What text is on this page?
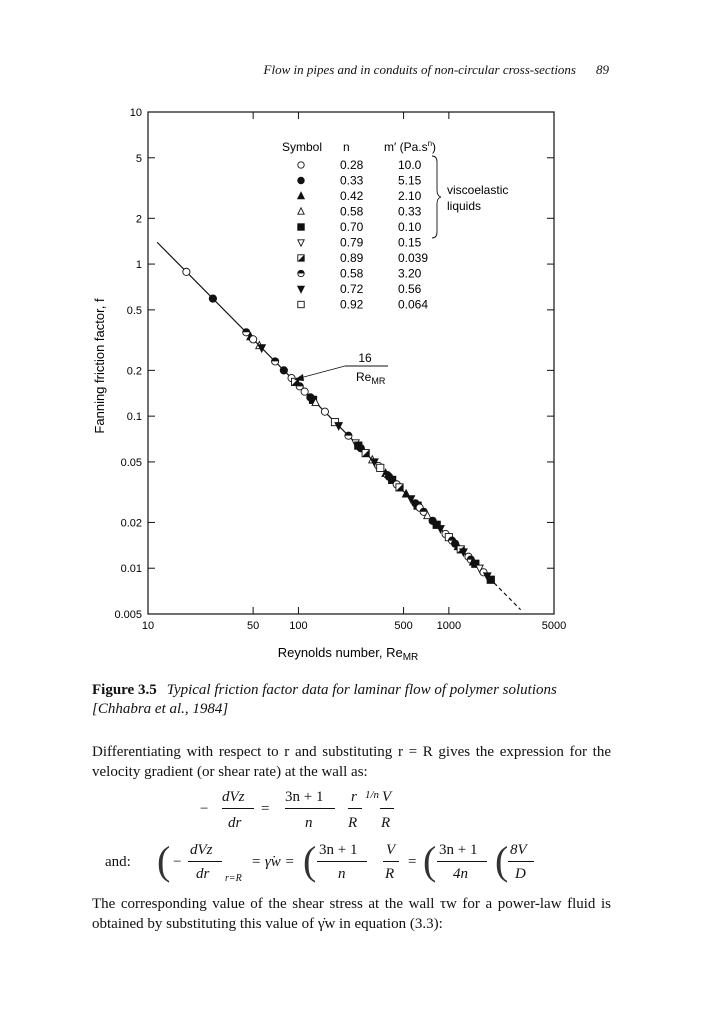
Flow in pipes and in conduits of non-circular cross-sections 89
10	50	100	500 1000	5000
10
5
2
1
0.5
0.2
0.1
0.05
0.02
0.01
0.005
Symbol n	m′ $(Pa.s^n)$
0.28	10.0
0.33	5.15
0.42	2.10
0.58	0.33
0.70	0.10
0.79	0.15
0.89	0.039
0.58	3.20
0.72	0.56
0.92	0.064
viscoelastic
liquids
16
$Re_{MR}$
Reynolds number, $Re_{MR}$
Fanning friction factor, f
Figure 3.5 Typical friction factor data for laminar flow of polymer solutions [Chhabra et al., 1984]
Differentiating with respect to r and substituting r = R gives the expression for the velocity gradient (or shear rate) at the wall as:
−
dVz
dr
=
3n + 1
n
r
R
1/n V
R
and: ( −
dVz
dr r=R
= γ̇w = ( 3n + 1
n
V
R
= ( 3n + 1
4n ( 8V
D
The corresponding value of the shear stress at the wall τw for a power-law fluid is obtained by substituting this value of γ̇w in equation (3.3):
